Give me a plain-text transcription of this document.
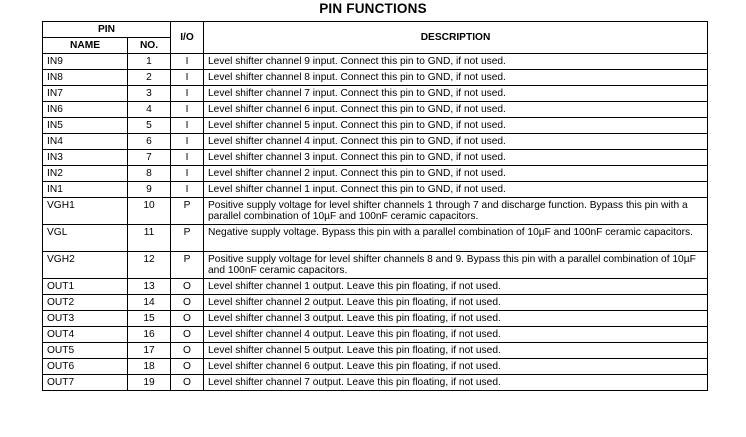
PIN FUNCTIONS
PIN		I/O	DESCRIPTION
NAME	NO.		
IN9	1	I	Level shifter channel 9 input. Connect this pin to GND, if not used.
IN8	2	I	Level shifter channel 8 input. Connect this pin to GND, if not used.
IN7	3	I	Level shifter channel 7 input. Connect this pin to GND, if not used.
IN6	4	I	Level shifter channel 6 input. Connect this pin to GND, if not used.
IN5	5	I	Level shifter channel 5 input. Connect this pin to GND, if not used.
IN4	6	I	Level shifter channel 4 input. Connect this pin to GND, if not used.
IN3	7	I	Level shifter channel 3 input. Connect this pin to GND, if not used.
IN2	8	I	Level shifter channel 2 input. Connect this pin to GND, if not used.
IN1	9	I	Level shifter channel 1 input. Connect this pin to GND, if not used.
VGH1	10	P	Positive supply voltage for level shifter channels 1 through 7 and discharge function. Bypass this pin with a parallel combination of 10µF and 100nF ceramic capacitors.
VGL	11	P	Negative supply voltage. Bypass this pin with a parallel combination of 10µF and 100nF ceramic capacitors.
VGH2	12	P	Positive supply voltage for level shifter channels 8 and 9. Bypass this pin with a parallel combination of 10µF and 100nF ceramic capacitors.
OUT1	13	O	Level shifter channel 1 output. Leave this pin floating, if not used.
OUT2	14	O	Level shifter channel 2 output. Leave this pin floating, if not used.
OUT3	15	O	Level shifter channel 3 output. Leave this pin floating, if not used.
OUT4	16	O	Level shifter channel 4 output. Leave this pin floating, if not used.
OUT5	17	O	Level shifter channel 5 output. Leave this pin floating, if not used.
OUT6	18	O	Level shifter channel 6 output. Leave this pin floating, if not used.
OUT7	19	O	Level shifter channel 7 output. Leave this pin floating, if not used.
